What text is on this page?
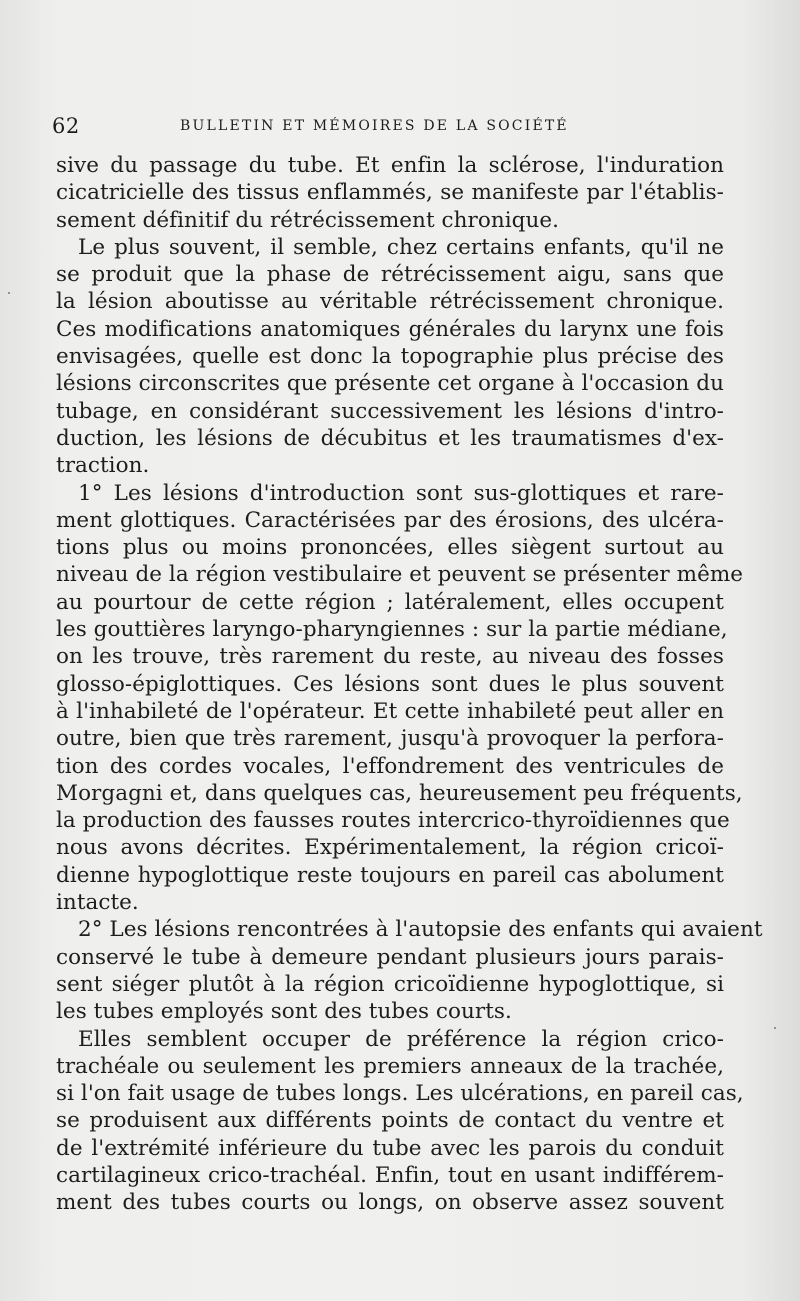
62	BULLETIN ET MÉMOIRES DE LA SOCIÉTÉ
sive du passage du tube. Et enfin la sclérose, l'induration
cicatricielle des tissus enflammés, se manifeste par l'établis-
sement définitif du rétrécissement chronique.
Le plus souvent, il semble, chez certains enfants, qu'il ne
se produit que la phase de rétrécissement aigu, sans que
la lésion aboutisse au véritable rétrécissement chronique.
Ces modifications anatomiques générales du larynx une fois
envisagées, quelle est donc la topographie plus précise des
lésions circonscrites que présente cet organe à l'occasion du
tubage, en considérant successivement les lésions d'intro-
duction, les lésions de décubitus et les traumatismes d'ex-
traction.
1° Les lésions d'introduction sont sus-glottiques et rare-
ment glottiques. Caractérisées par des érosions, des ulcéra-
tions plus ou moins prononcées, elles siègent surtout au
niveau de la région vestibulaire et peuvent se présenter même
au pourtour de cette région ; latéralement, elles occupent
les gouttières laryngo-pharyngiennes : sur la partie médiane,
on les trouve, très rarement du reste, au niveau des fosses
glosso-épiglottiques. Ces lésions sont dues le plus souvent
à l'inhabileté de l'opérateur. Et cette inhabileté peut aller en
outre, bien que très rarement, jusqu'à provoquer la perfora-
tion des cordes vocales, l'effondrement des ventricules de
Morgagni et, dans quelques cas, heureusement peu fréquents,
la production des fausses routes intercrico-thyroïdiennes que
nous avons décrites. Expérimentalement, la région cricoï-
dienne hypoglottique reste toujours en pareil cas abolument
intacte.
2° Les lésions rencontrées à l'autopsie des enfants qui avaient
conservé le tube à demeure pendant plusieurs jours parais-
sent siéger plutôt à la région cricoïdienne hypoglottique, si
les tubes employés sont des tubes courts.
Elles semblent occuper de préférence la région crico-
trachéale ou seulement les premiers anneaux de la trachée,
si l'on fait usage de tubes longs. Les ulcérations, en pareil cas,
se produisent aux différents points de contact du ventre et
de l'extrémité inférieure du tube avec les parois du conduit
cartilagineux crico-trachéal. Enfin, tout en usant indifférem-
ment des tubes courts ou longs, on observe assez souvent
